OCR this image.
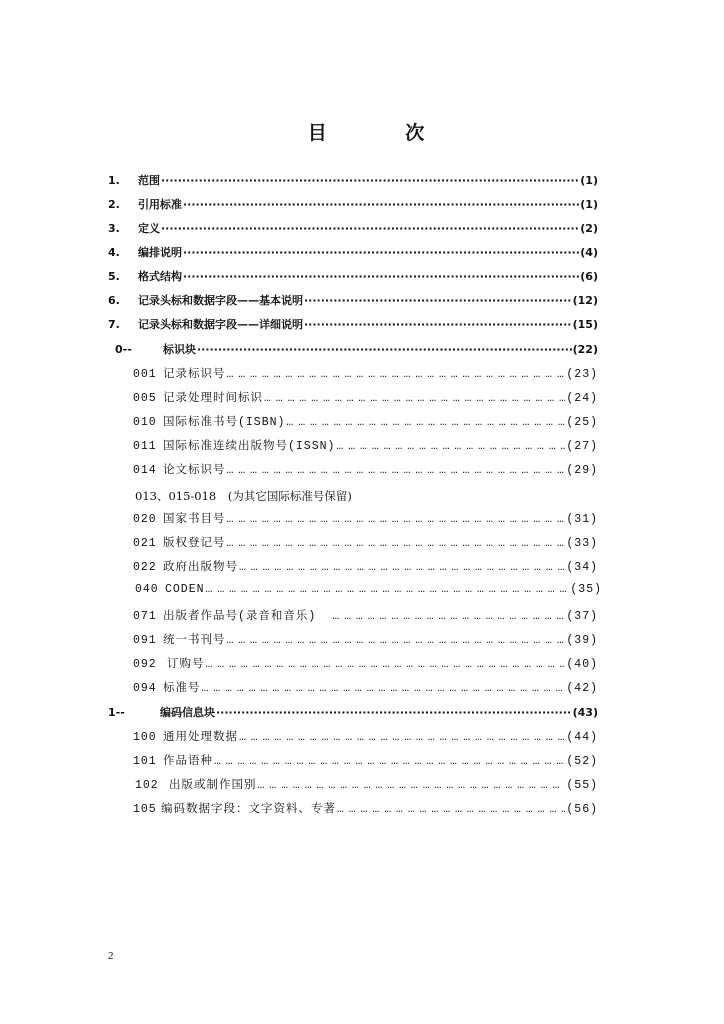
目 次
1.	范围 ·····	(1)
2.	引用标准 ·····	(1)
3.	定义 ·····	(2)
4.	编排说明 ·····	(4)
5.	格式结构 ·····	(6)
6.	记录头标和数据字段——基本说明 ·····	(12)
7.	记录头标和数据字段——详细说明 ·····	(15)
0--	标识块 ·····	(22)
001 记录标识号 … … … … … … … … … … … … … … … … … … … … … … … … … … … … … … … … … … … … … … … … … …	(23)
005 记录处理时间标识 … … … … … … … … … … … … … … … … … … … … … … … … … … … … … … … … … … … … … … … … … …	(24)
010 国际标准书号(ISBN) … … … … … … … … … … … … … … … … … … … … … … … … … … … … … … … … … … … … … … … … … …	(25)
011 国际标准连续出版物号(ISSN) … … … … … … … … … … … … … … … … … … … … … … … … … … … … … … … … … … … … … … … … … …	(27)
014 论文标识号 … … … … … … … … … … … … … … … … … … … … … … … … … … … … … … … … … … … … … … … … … …	(29)
013、015-018 (为其它国际标准号保留)
020 国家书目号 … … … … … … … … … … … … … … … … … … … … … … … … … … … … … … … … … … … … … … … … … …	(31)
021 版权登记号 … … … … … … … … … … … … … … … … … … … … … … … … … … … … … … … … … … … … … … … … … …	(33)
022 政府出版物号 … … … … … … … … … … … … … … … … … … … … … … … … … … … … … … … … … … … … … … … … … …	(34)
040 CODEN … … … … … … … … … … … … … … … … … … … … … … … … … … … … … … … … … … … … … … … … … …	(35)
071 出版者作品号(录音和音乐) … … … … … … … … … … … … … … … … … … … … … … … … … … … … … … … … … … … … … … … … … …	(37)
091 统一书刊号 … … … … … … … … … … … … … … … … … … … … … … … … … … … … … … … … … … … … … … … … … …	(39)
092 订购号 … … … … … … … … … … … … … … … … … … … … … … … … … … … … … … … … … … … … … … … … … …	(40)
094 标准号 … … … … … … … … … … … … … … … … … … … … … … … … … … … … … … … … … … … … … … … … … …	(42)
1--	编码信息块 ·····	(43)
100 通用处理数据 … … … … … … … … … … … … … … … … … … … … … … … … … … … … … … … … … … … … … … … … … …	(44)
101 作品语种 … … … … … … … … … … … … … … … … … … … … … … … … … … … … … … … … … … … … … … … … … …	(52)
102 出版或制作国别 … … … … … … … … … … … … … … … … … … … … … … … … … … … … … … … … … … … … … … … … … …	(55)
105 编码数据字段：文字资料、专著 … … … … … … … … … … … … … … … … … … … … … … … … … … … … … … … … … … … … … … … … … …	(56)
2
